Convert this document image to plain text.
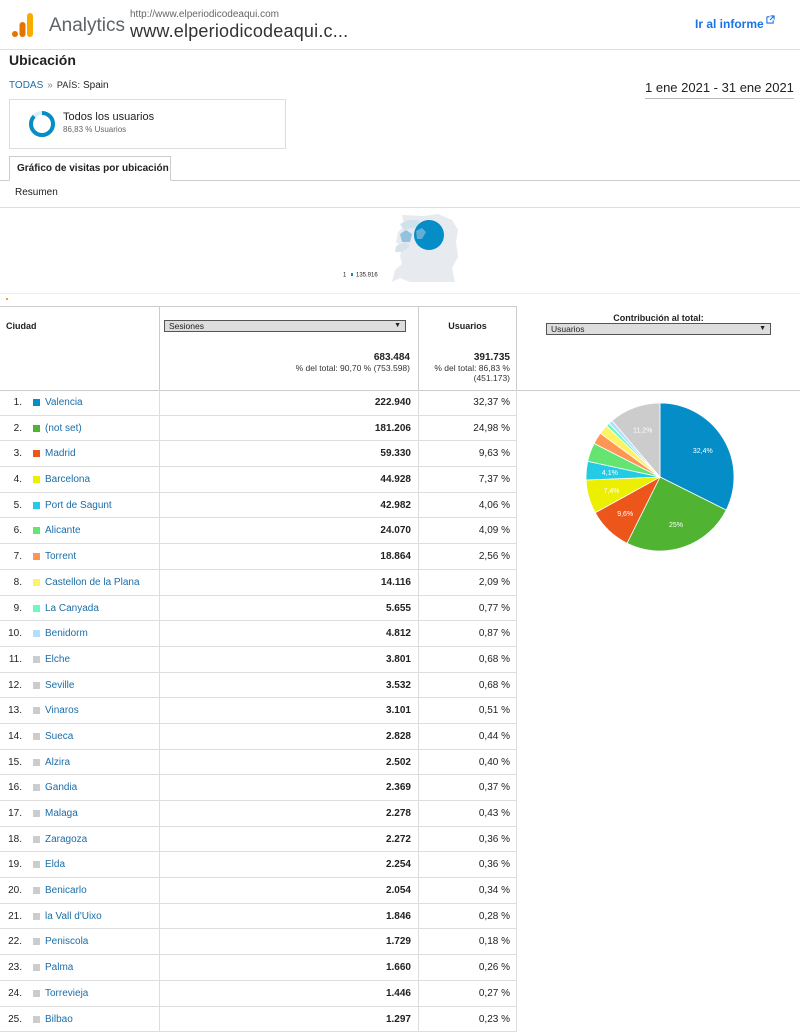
Analytics
http://www.elperiodicodeaqui.com
www.elperiodicodeaqui.c...	Ir al informe
Ubicación
TODAS » PAÍS: Spain	1 ene 2021 - 31 ene 2021
Todos los usuarios
86,83 % Usuarios
Gráfico de visitas por ubicación
Resumen
1 135.916
Ciudad	Sesiones	▼	Usuarios
683.484
% del total: 90,70 % (753.598)
391.735
% del total: 86,83 %
(451.173)
1. Valencia	222.940	32,37 %
2. (not set)	181.206	24,98 %
3. Madrid	59.330	9,63 %
4. Barcelona	44.928	7,37 %
5. Port de Sagunt	42.982	4,06 %
6. Alicante	24.070	4,09 %
7. Torrent	18.864	2,56 %
8. Castellon de la Plana	14.116	2,09 %
9. La Canyada	5.655	0,77 %
10. Benidorm	4.812	0,87 %
11. Elche	3.801	0,68 %
12. Seville	3.532	0,68 %
13. Vinaros	3.101	0,51 %
14. Sueca	2.828	0,44 %
15. Alzira	2.502	0,40 %
16. Gandia	2.369	0,37 %
17. Malaga	2.278	0,43 %
18. Zaragoza	2.272	0,36 %
19. Elda	2.254	0,36 %
20. Benicarlo	2.054	0,34 %
21. la Vall d'Uixo	1.846	0,28 %
22. Peniscola	1.729	0,18 %
23. Palma	1.660	0,26 %
24. Torrevieja	1.446	0,27 %
25. Bilbao	1.297	0,23 %
Contribución al total:
Usuarios	▼
32,4%
25%
9,6%
7,4%
4,1%
11,2%
